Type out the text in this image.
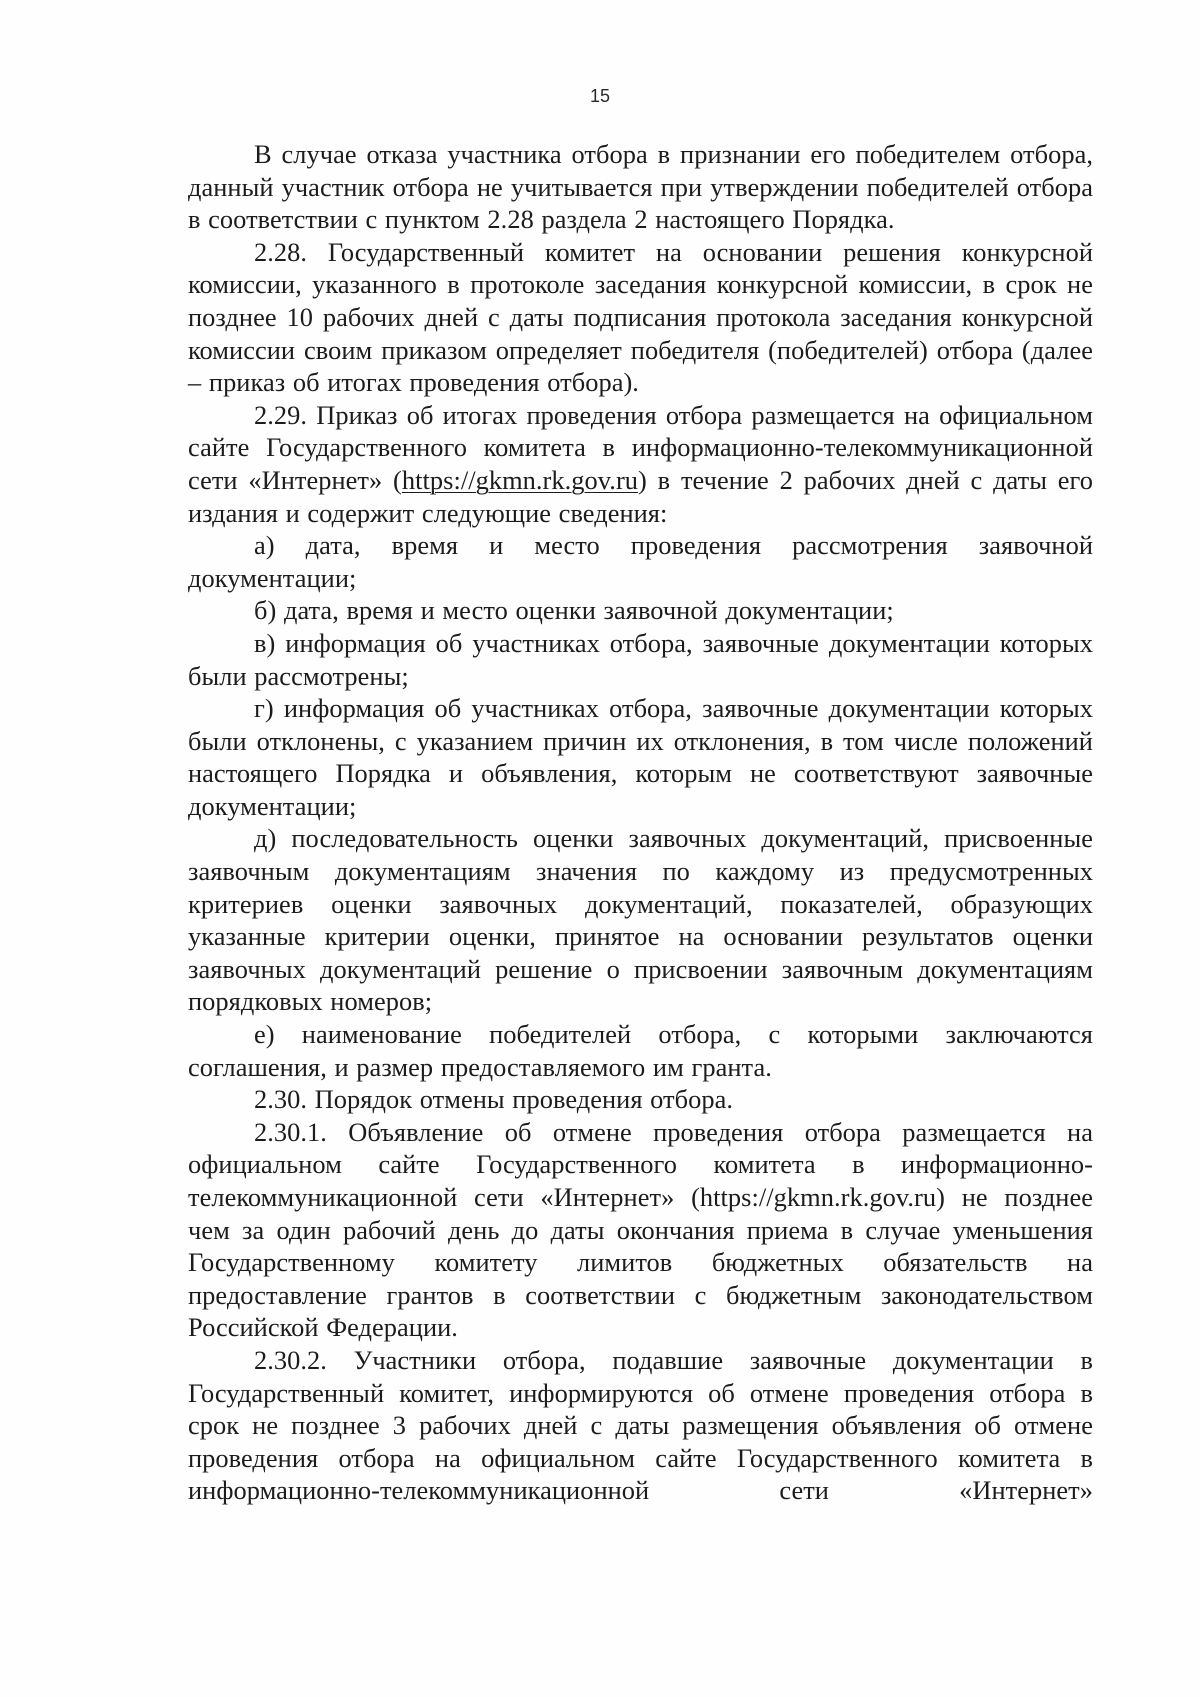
15

В случае отказа участника отбора в признании его победителем отбора, данный участник отбора не учитывается при утверждении победителей отбора в соответствии с пунктом 2.28 раздела 2 настоящего Порядка.

2.28. Государственный комитет на основании решения конкурсной комиссии, указанного в протоколе заседания конкурсной комиссии, в срок не позднее 10 рабочих дней с даты подписания протокола заседания конкурсной комиссии своим приказом определяет победителя (победителей) отбора (далее – приказ об итогах проведения отбора).

2.29. Приказ об итогах проведения отбора размещается на официальном сайте Государственного комитета в информационно-телекоммуникационной сети «Интернет» (https://gkmn.rk.gov.ru) в течение 2 рабочих дней с даты его издания и содержит следующие сведения:

а) дата, время и место проведения рассмотрения заявочной документации;

б) дата, время и место оценки заявочной документации;

в) информация об участниках отбора, заявочные документации которых были рассмотрены;

г) информация об участниках отбора, заявочные документации которых были отклонены, с указанием причин их отклонения, в том числе положений настоящего Порядка и объявления, которым не соответствуют заявочные документации;

д) последовательность оценки заявочных документаций, присвоенные заявочным документациям значения по каждому из предусмотренных критериев оценки заявочных документаций, показателей, образующих указанные критерии оценки, принятое на основании результатов оценки заявочных документаций решение о присвоении заявочным документациям порядковых номеров;

е) наименование победителей отбора, с которыми заключаются соглашения, и размер предоставляемого им гранта.

2.30. Порядок отмены проведения отбора.

2.30.1. Объявление об отмене проведения отбора размещается на официальном сайте Государственного комитета в информационно-телекоммуникационной сети «Интернет» (https://gkmn.rk.gov.ru) не позднее чем за один рабочий день до даты окончания приема в случае уменьшения Государственному комитету лимитов бюджетных обязательств на предоставление грантов в соответствии с бюджетным законодательством Российской Федерации.

2.30.2. Участники отбора, подавшие заявочные документации в Государственный комитет, информируются об отмене проведения отбора в срок не позднее 3 рабочих дней с даты размещения объявления об отмене проведения отбора на официальном сайте Государственного комитета в информационно-телекоммуникационной сети «Интернет»
